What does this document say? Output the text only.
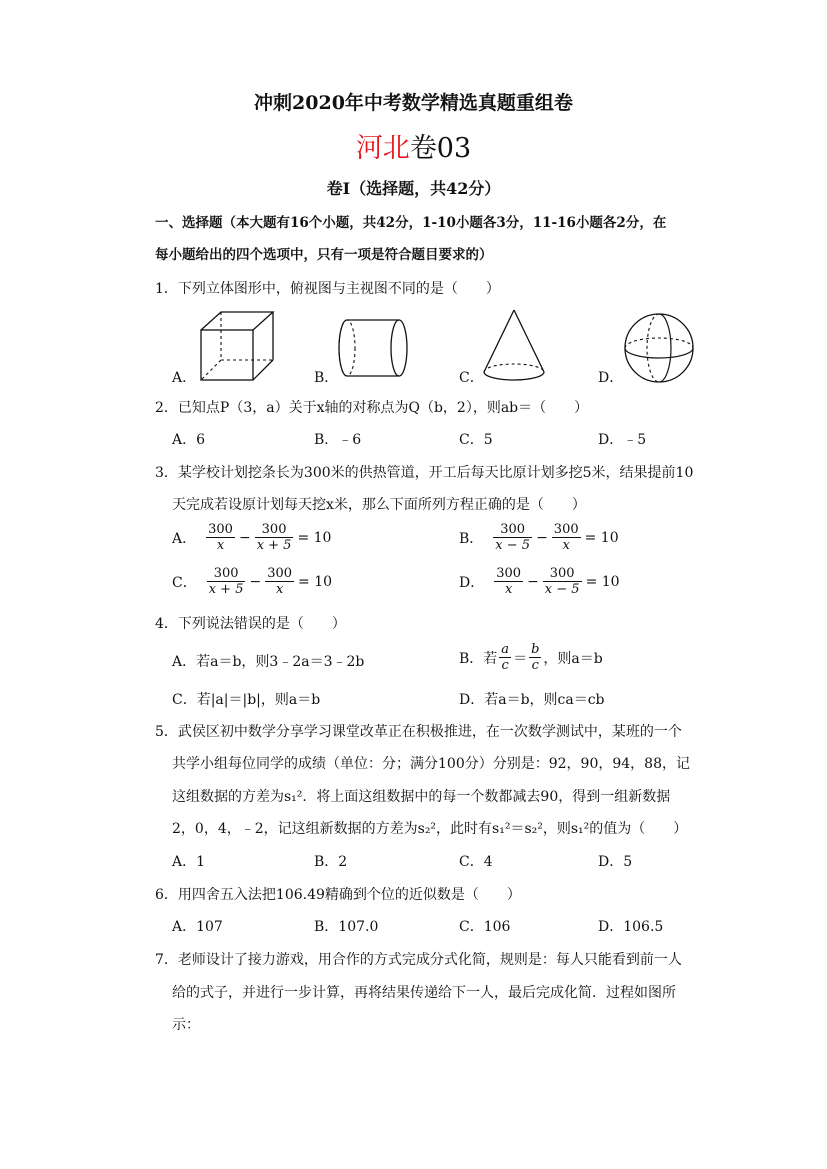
冲刺2020年中考数学精选真题重组卷
河北卷03
卷Ⅰ（选择题，共42分）
一、选择题（本大题有16个小题，共42分，1-10小题各3分，11-16小题各2分，在
每小题给出的四个选项中，只有一项是符合题目要求的）
1．下列立体图形中，俯视图与主视图不同的是（　　）
A．	B．	C．	D．
2．已知点P（3，a）关于x轴的对称点为Q（b，2），则ab＝（　　）
A．6	B．﹣6	C．5	D．﹣5
3．某学校计划挖条长为300米的供热管道，开工后每天比原计划多挖5米，结果提前10
天完成若设原计划每天挖x米，那么下面所列方程正确的是（　　）
A． $\frac{300}{x} - \frac{300}{x + 5} = 10$	B． $\frac{300}{x - 5} - \frac{300}{x} = 10$
C． $\frac{300}{x + 5} - \frac{300}{x} = 10$	D． $\frac{300}{x} - \frac{300}{x - 5} = 10$
4．下列说法错误的是（　　）
A．若a＝b，则3﹣2a＝3﹣2b	B．若 $\frac{a}{c} = \frac{b}{c}$ ，则a＝b
C．若|a|＝|b|，则a＝b	D．若a＝b，则ca＝cb
5．武侯区初中数学分享学习课堂改革正在积极推进，在一次数学测试中，某班的一个
共学小组每位同学的成绩（单位：分；满分100分）分别是：92，90，94，88，记
这组数据的方差为s₁²．将上面这组数据中的每一个数都减去90，得到一组新数据
2，0，4，﹣2，记这组新数据的方差为s₂²，此时有s₁²＝s₂²，则s₁²的值为（　　）
A．1	B．2	C．4	D．5
6．用四舍五入法把106.49精确到个位的近似数是（　　）
A．107	B．107.0	C．106	D．106.5
7．老师设计了接力游戏，用合作的方式完成分式化简，规则是：每人只能看到前一人
给的式子，并进行一步计算，再将结果传递给下一人，最后完成化简．过程如图所
示：
